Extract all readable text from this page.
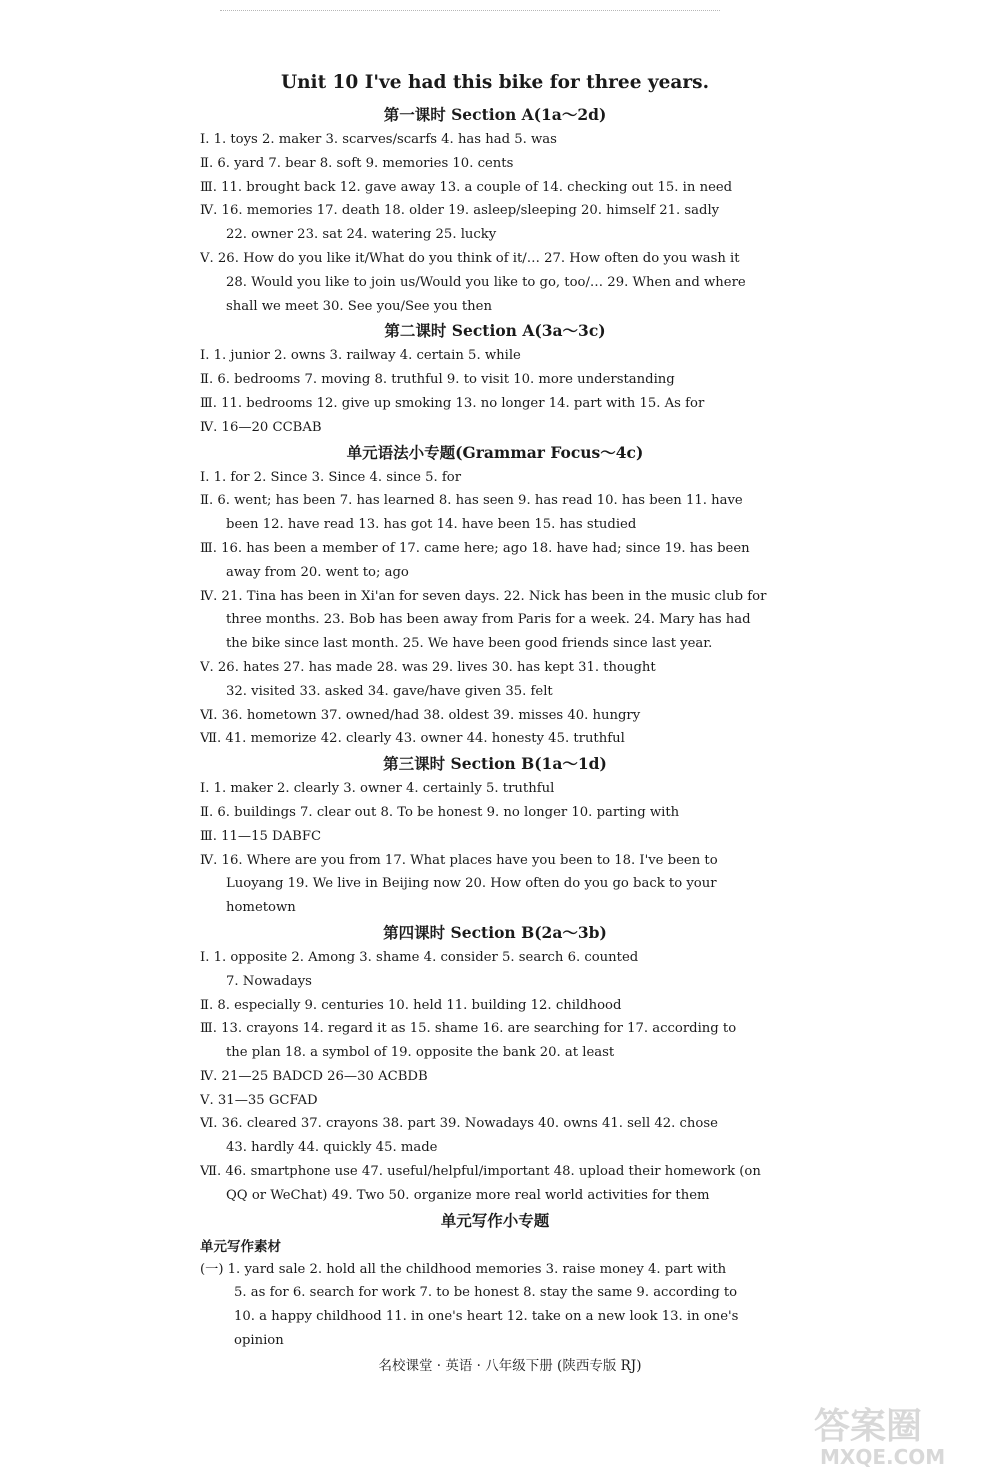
Unit 10 I've had this bike for three years.
第一课时 Section A(1a～2d)
Ⅰ. 1. toys 2. maker 3. scarves/scarfs 4. has had 5. was
Ⅱ. 6. yard 7. bear 8. soft 9. memories 10. cents
Ⅲ. 11. brought back 12. gave away 13. a couple of 14. checking out 15. in need
Ⅳ. 16. memories 17. death 18. older 19. asleep/sleeping 20. himself 21. sadly
22. owner 23. sat 24. watering 25. lucky
Ⅴ. 26. How do you like it/What do you think of it/… 27. How often do you wash it
28. Would you like to join us/Would you like to go, too/… 29. When and where
shall we meet 30. See you/See you then
第二课时 Section A(3a～3c)
Ⅰ. 1. junior 2. owns 3. railway 4. certain 5. while
Ⅱ. 6. bedrooms 7. moving 8. truthful 9. to visit 10. more understanding
Ⅲ. 11. bedrooms 12. give up smoking 13. no longer 14. part with 15. As for
Ⅳ. 16—20 CCBAB
单元语法小专题(Grammar Focus～4c)
Ⅰ. 1. for 2. Since 3. Since 4. since 5. for
Ⅱ. 6. went; has been 7. has learned 8. has seen 9. has read 10. has been 11. have
been 12. have read 13. has got 14. have been 15. has studied
Ⅲ. 16. has been a member of 17. came here; ago 18. have had; since 19. has been
away from 20. went to; ago
Ⅳ. 21. Tina has been in Xi'an for seven days. 22. Nick has been in the music club for
three months. 23. Bob has been away from Paris for a week. 24. Mary has had
the bike since last month. 25. We have been good friends since last year.
Ⅴ. 26. hates 27. has made 28. was 29. lives 30. has kept 31. thought
32. visited 33. asked 34. gave/have given 35. felt
Ⅵ. 36. hometown 37. owned/had 38. oldest 39. misses 40. hungry
Ⅶ. 41. memorize 42. clearly 43. owner 44. honesty 45. truthful
第三课时 Section B(1a～1d)
Ⅰ. 1. maker 2. clearly 3. owner 4. certainly 5. truthful
Ⅱ. 6. buildings 7. clear out 8. To be honest 9. no longer 10. parting with
Ⅲ. 11—15 DABFC
Ⅳ. 16. Where are you from 17. What places have you been to 18. I've been to
Luoyang 19. We live in Beijing now 20. How often do you go back to your
hometown
第四课时 Section B(2a～3b)
Ⅰ. 1. opposite 2. Among 3. shame 4. consider 5. search 6. counted
7. Nowadays
Ⅱ. 8. especially 9. centuries 10. held 11. building 12. childhood
Ⅲ. 13. crayons 14. regard it as 15. shame 16. are searching for 17. according to
the plan 18. a symbol of 19. opposite the bank 20. at least
Ⅳ. 21—25 BADCD 26—30 ACBDB
Ⅴ. 31—35 GCFAD
Ⅵ. 36. cleared 37. crayons 38. part 39. Nowadays 40. owns 41. sell 42. chose
43. hardly 44. quickly 45. made
Ⅶ. 46. smartphone use 47. useful/helpful/important 48. upload their homework (on
QQ or WeChat) 49. Two 50. organize more real world activities for them
单元写作小专题
单元写作素材
(一) 1. yard sale 2. hold all the childhood memories 3. raise money 4. part with
5. as for 6. search for work 7. to be honest 8. stay the same 9. according to
10. a happy childhood 11. in one's heart 12. take on a new look 13. in one's
opinion
名校课堂 · 英语 · 八年级下册 (陕西专版 RJ)
答案圈
MXQE.COM
